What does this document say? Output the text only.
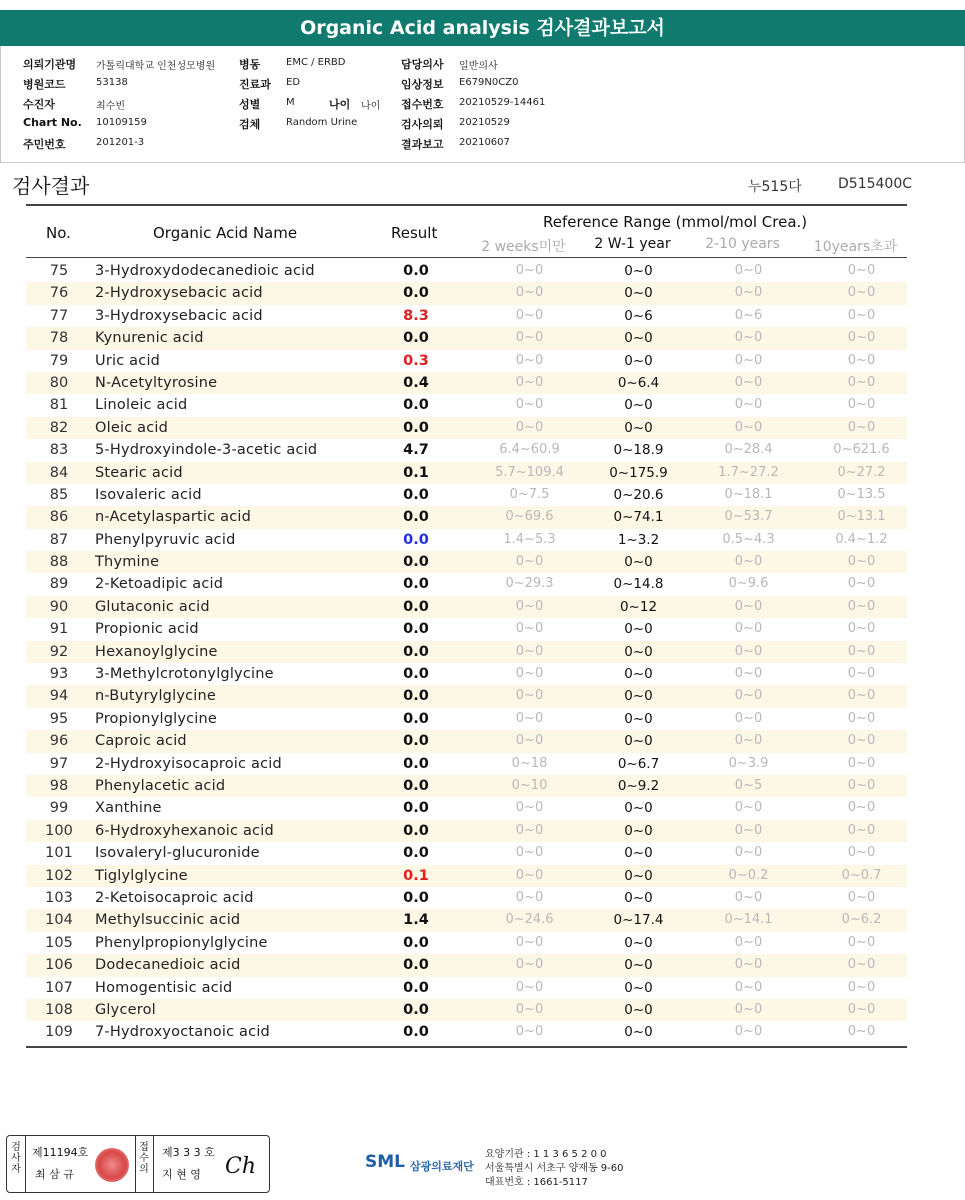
Organic Acid analysis 검사결과보고서
의뢰기관명 가톨릭대학교 인천성모병원 병동	EMC / ERBD	담당의사 일반의사
병원코드	53138	진료과 ED	임상정보 E679N0CZ0
수진자	최수빈	성별	M	나이 나이 접수번호 20210529-14461
Chart No. 10109159	검체	Random Urine	검사의뢰 20210529
주민번호	201201-3	결과보고 20210607
검사결과	누515다	D515400C
No.	Organic Acid Name	Result
Reference Range (mmol/mol Crea.)
2 weeks미만	2 W-1 year	2-10 years	10years초과
75	3-Hydroxydodecanedioic acid	0.0	0~0	0~0	0~0	0~0
76	2-Hydroxysebacic acid	0.0	0~0	0~0	0~0	0~0
77	3-Hydroxysebacic acid	8.3	0~0	0~6	0~6	0~0
78	Kynurenic acid	0.0	0~0	0~0	0~0	0~0
79	Uric acid	0.3	0~0	0~0	0~0	0~0
80	N-Acetyltyrosine	0.4	0~0	0~6.4	0~0	0~0
81	Linoleic acid	0.0	0~0	0~0	0~0	0~0
82	Oleic acid	0.0	0~0	0~0	0~0	0~0
83	5-Hydroxyindole-3-acetic acid	4.7	6.4~60.9	0~18.9	0~28.4	0~621.6
84	Stearic acid	0.1	5.7~109.4	0~175.9	1.7~27.2	0~27.2
85	Isovaleric acid	0.0	0~7.5	0~20.6	0~18.1	0~13.5
86	n-Acetylaspartic acid	0.0	0~69.6	0~74.1	0~53.7	0~13.1
87	Phenylpyruvic acid	0.0	1.4~5.3	1~3.2	0.5~4.3	0.4~1.2
88	Thymine	0.0	0~0	0~0	0~0	0~0
89	2-Ketoadipic acid	0.0	0~29.3	0~14.8	0~9.6	0~0
90	Glutaconic acid	0.0	0~0	0~12	0~0	0~0
91	Propionic acid	0.0	0~0	0~0	0~0	0~0
92	Hexanoylglycine	0.0	0~0	0~0	0~0	0~0
93	3-Methylcrotonylglycine	0.0	0~0	0~0	0~0	0~0
94	n-Butyrylglycine	0.0	0~0	0~0	0~0	0~0
95	Propionylglycine	0.0	0~0	0~0	0~0	0~0
96	Caproic acid	0.0	0~0	0~0	0~0	0~0
97	2-Hydroxyisocaproic acid	0.0	0~18	0~6.7	0~3.9	0~0
98	Phenylacetic acid	0.0	0~10	0~9.2	0~5	0~0
99	Xanthine	0.0	0~0	0~0	0~0	0~0
100	6-Hydroxyhexanoic acid	0.0	0~0	0~0	0~0	0~0
101	Isovaleryl-glucuronide	0.0	0~0	0~0	0~0	0~0
102	Tiglylglycine	0.1	0~0	0~0	0~0.2	0~0.7
103	2-Ketoisocaproic acid	0.0	0~0	0~0	0~0	0~0
104	Methylsuccinic acid	1.4	0~24.6	0~17.4	0~14.1	0~6.2
105	Phenylpropionylglycine	0.0	0~0	0~0	0~0	0~0
106	Dodecanedioic acid	0.0	0~0	0~0	0~0	0~0
107	Homogentisic acid	0.0	0~0	0~0	0~0	0~0
108	Glycerol	0.0	0~0	0~0	0~0	0~0
109	7-Hydroxyoctanoic acid	0.0	0~0	0~0	0~0	0~0
검사자
제11194호
최 삼 규
접수의
제3 3 3 호
지 현 영 Ch	SML 삼광의료재단
요양기관 : 1 1 3 6 5 2 0 0
서울특별시 서초구 양재동 9-60
대표번호 : 1661-5117
